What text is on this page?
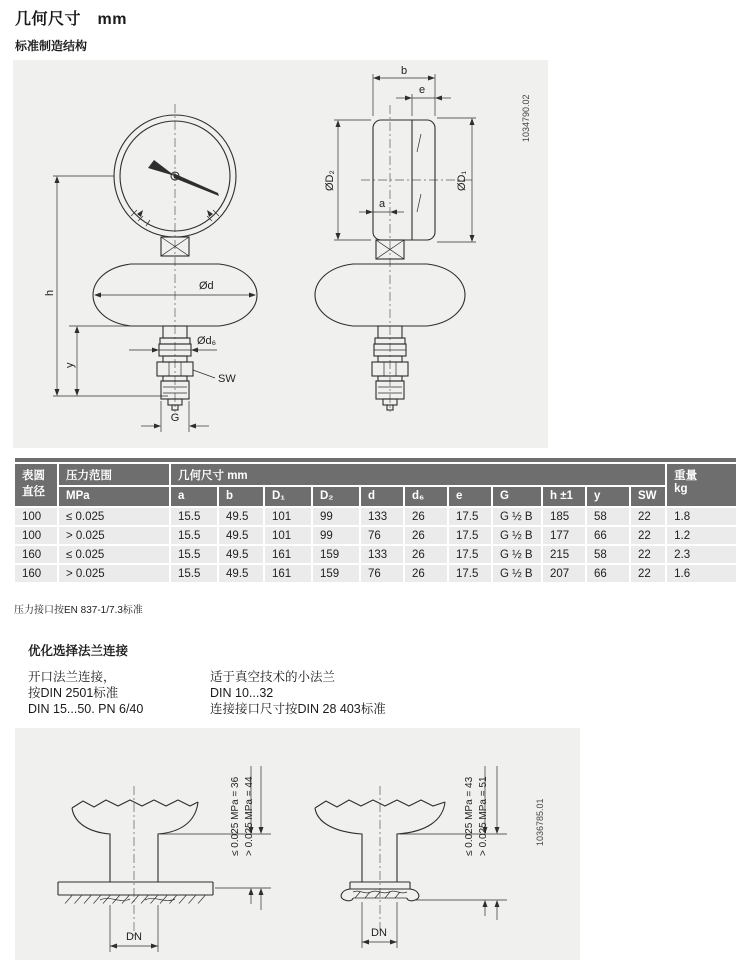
几何尺寸　mm
标准制造结构
Ød
Ød₆
SW
G
h
y
b
e
ØD₂	ØD₁
a
1034790.02
表圆
直径
	压力范围	几何尺寸 mm	重量
kg

	MPa	a	b	D₁	D₂	d	d₆	e	G	h ±1	y	SW	
100	≤ 0.025	15.5	49.5	101	99	133	26	17.5	G ½ B	185	58	22	1.8
100	> 0.025	15.5	49.5	101	99	76	26	17.5	G ½ B	177	66	22	1.2
160	≤ 0.025	15.5	49.5	161	159	133	26	17.5	G ½ B	215	58	22	2.3
160	> 0.025	15.5	49.5	161	159	76	26	17.5	G ½ B	207	66	22	1.6
压力接口按EN 837-1/7.3标准
优化选择法兰连接
开口法兰连接，
按DIN 2501标准
DIN 15...50. PN 6/40
适于真空技术的小法兰
DIN 10...32
连接接口尺寸按DIN 28 403标准
DN
≤ 0.025 MPa = 36 > 0.025 MPa = 44
DN
≤ 0.025 MPa = 43 > 0.025 MPa = 51	1036785.01
